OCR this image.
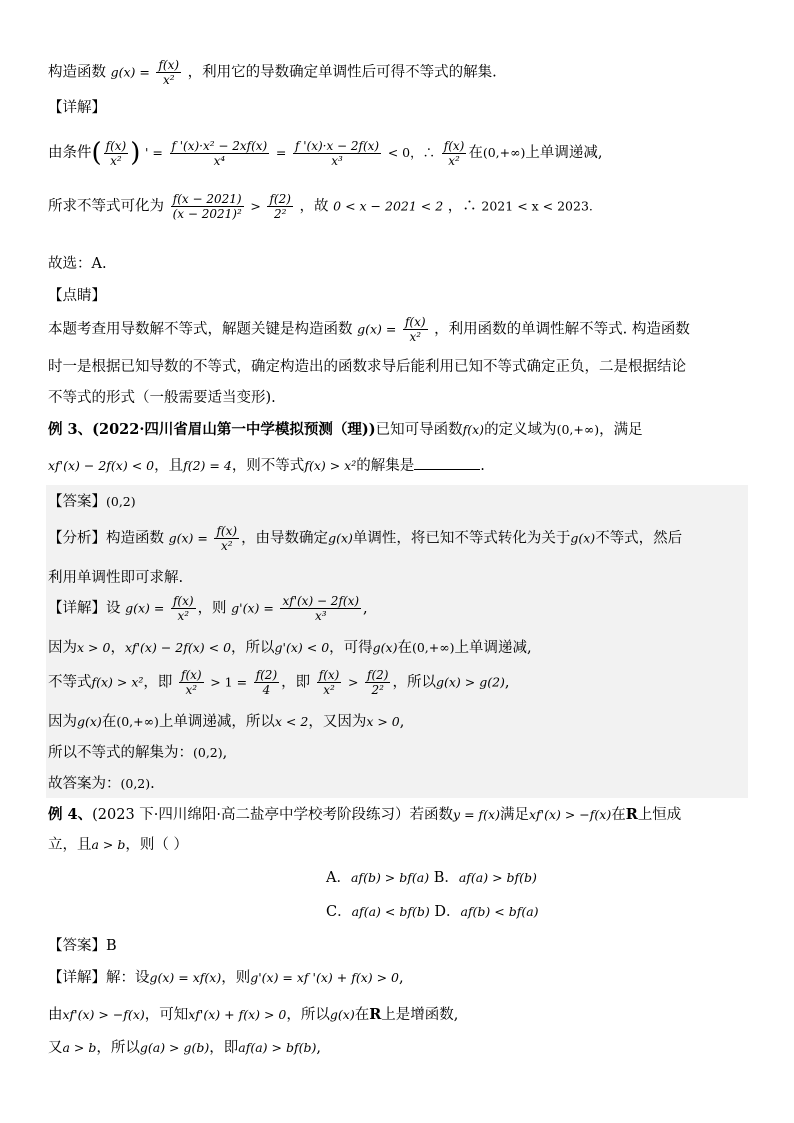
构造函数 $g(x) = \frac{f(x)}{\text{x²}}$ ，利用它的导数确定单调性后可得不等式的解集.
【详解】
由条件( $\frac{f(x)}{\text{x²}}$ ) ' = $\frac{\text{f '(x)·x² − 2xf(x)}}{\text{x⁴}} = \frac{f '(x)\cdot x - 2f(x)}{\text{x³}} < 0$，∴ $\frac{f(x)}{\text{x²}}$ 在(0,+∞)上单调递减,
所求不等式可化为 $\frac{f(x - 2021)}{\text{(x − 2021)²}} > \frac{f(2)}{\text{2²}}$ ，故 0 < x − 2021 < 2 ，∴ 2021 < x < 2023.
故选：A.
【点睛】
本题考查用导数解不等式，解题关键是构造函数 $g(x) = \frac{f(x)}{\text{x²}}$ ，利用函数的单调性解不等式. 构造函数
时一是根据已知导数的不等式，确定构造出的函数求导后能利用已知不等式确定正负，二是根据结论
不等式的形式（一般需要适当变形).
例 3、(2022·四川省眉山第一中学模拟预测（理))已知可导函数f(x)的定义域为(0,+∞)，满足
xf'(x) − 2f(x) < 0，且f(2) = 4，则不等式f(x) > x²的解集是	.
【答案】(0,2)
【分析】构造函数 $g(x) = \frac{f(x)}{\text{x²}}$ ，由导数确定g(x)单调性，将已知不等式转化为关于g(x)不等式，然后
利用单调性即可求解.
【详解】设 $g(x) = \frac{f(x)}{\text{x²}}$ ，则 $g'(x) = \frac{xf'(x) - 2f(x)}{\text{x³}}$ ,
因为x > 0，xf'(x) − 2f(x) < 0，所以g'(x) < 0，可得g(x)在(0,+∞)上单调递减,
不等式f(x) > x²，即 $\frac{f(x)}{\text{x²}} > 1 = \frac{f(2)}{4}$ ，即 $\frac{f(x)}{\text{x²}} > \frac{f(2)}{\text{2²}}$ ，所以g(x) > g(2),
因为g(x)在(0,+∞)上单调递减，所以x < 2，又因为x > 0,
所以不等式的解集为：(0,2),
故答案为：(0,2).
例 4、(2023 下·四川绵阳·高二盐亭中学校考阶段练习）若函数y = f(x)满足xf'(x) > −f(x)在R上恒成
立，且a > b，则（ ）
A．af(b) > bf(a) B．af(a) > bf(b)
C．af(a) < bf(b) D．af(b) < bf(a)
【答案】B
【详解】解：设g(x) = xf(x)，则g'(x) = xf '(x) + f(x) > 0,
由xf'(x) > −f(x)，可知xf'(x) + f(x) > 0，所以g(x)在R上是增函数,
又a > b，所以g(a) > g(b)，即af(a) > bf(b),
